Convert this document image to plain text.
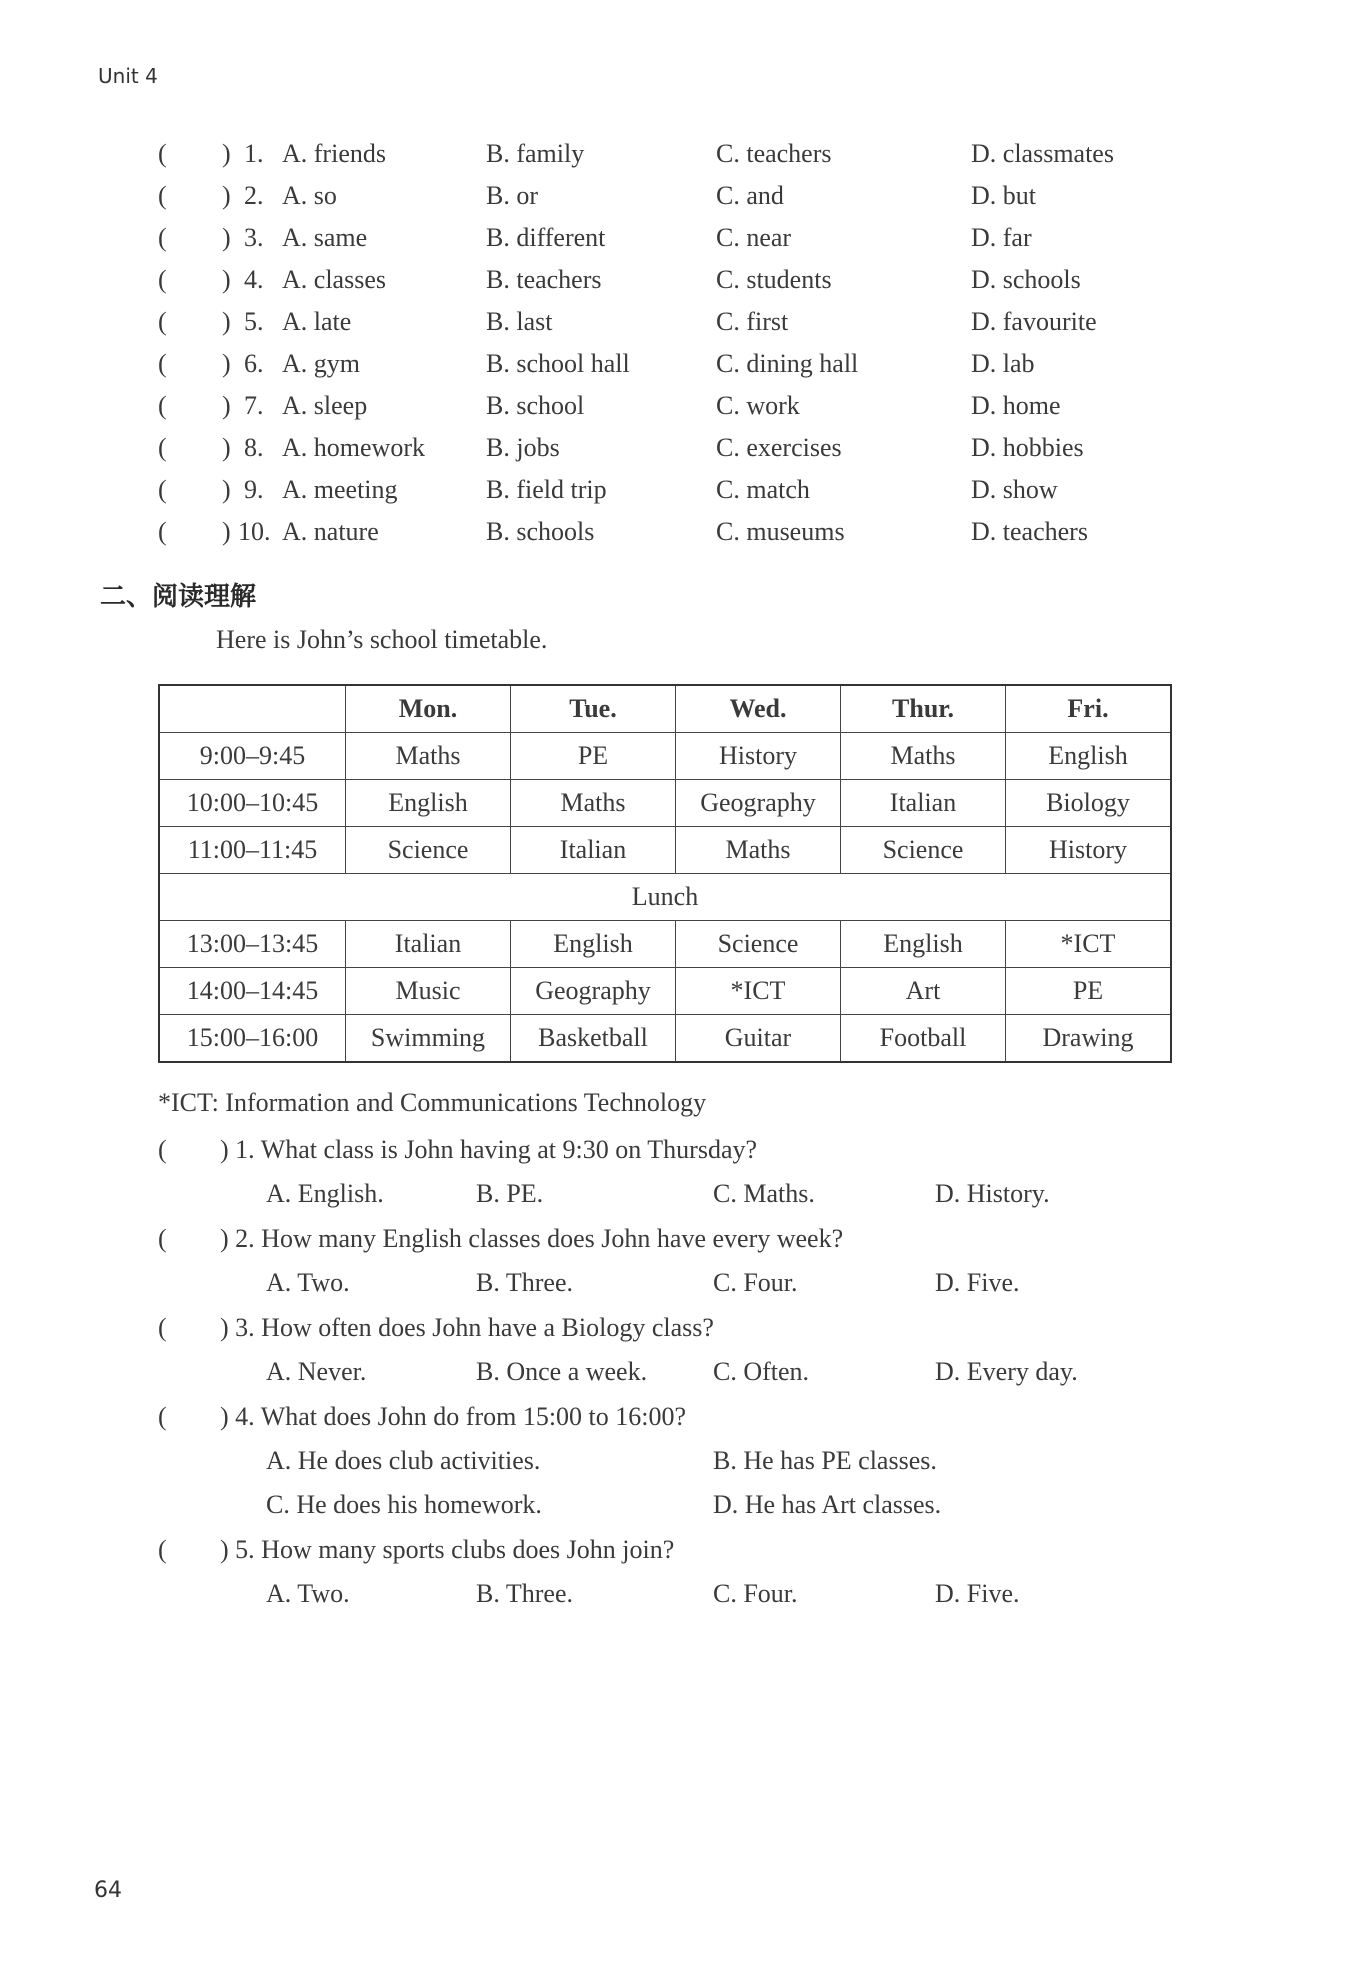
Unit 4
( ) 1. A. friends	B. family	C. teachers	D. classmates
( ) 2. A. so	B. or	C. and	D. but
( ) 3. A. same	B. different	C. near	D. far
( ) 4. A. classes	B. teachers	C. students	D. schools
( ) 5. A. late	B. last	C. first	D. favourite
( ) 6. A. gym	B. school hall	C. dining hall	D. lab
( ) 7. A. sleep	B. school	C. work	D. home
( ) 8. A. homework B. jobs	C. exercises	D. hobbies
( ) 9. A. meeting	B. field trip	C. match	D. show
( ) 10. A. nature	B. schools	C. museums	D. teachers
二、阅读理解
Here is John’s school timetable.
	Mon.	Tue.	Wed.	Thur.	Fri.
9:00–9:45	Maths	PE	History	Maths	English
10:00–10:45	English	Maths	Geography	Italian	Biology
11:00–11:45	Science	Italian	Maths	Science	History
Lunch					
13:00–13:45	Italian	English	Science	English	*ICT
14:00–14:45	Music	Geography	*ICT	Art	PE
15:00–16:00	Swimming	Basketball	Guitar	Football	Drawing
*ICT: Information and Communications Technology
( ) 1. What class is John having at 9:30 on Thursday?
A. English.	B. PE.	C. Maths.	D. History.
( ) 2. How many English classes does John have every week?
A. Two.	B. Three.	C. Four.	D. Five.
( ) 3. How often does John have a Biology class?
A. Never.	B. Once a week.	C. Often.	D. Every day.
( ) 4. What does John do from 15:00 to 16:00?
A. He does club activities.	B. He has PE classes.
C. He does his homework.	D. He has Art classes.
( ) 5. How many sports clubs does John join?
A. Two.	B. Three.	C. Four.	D. Five.
64
